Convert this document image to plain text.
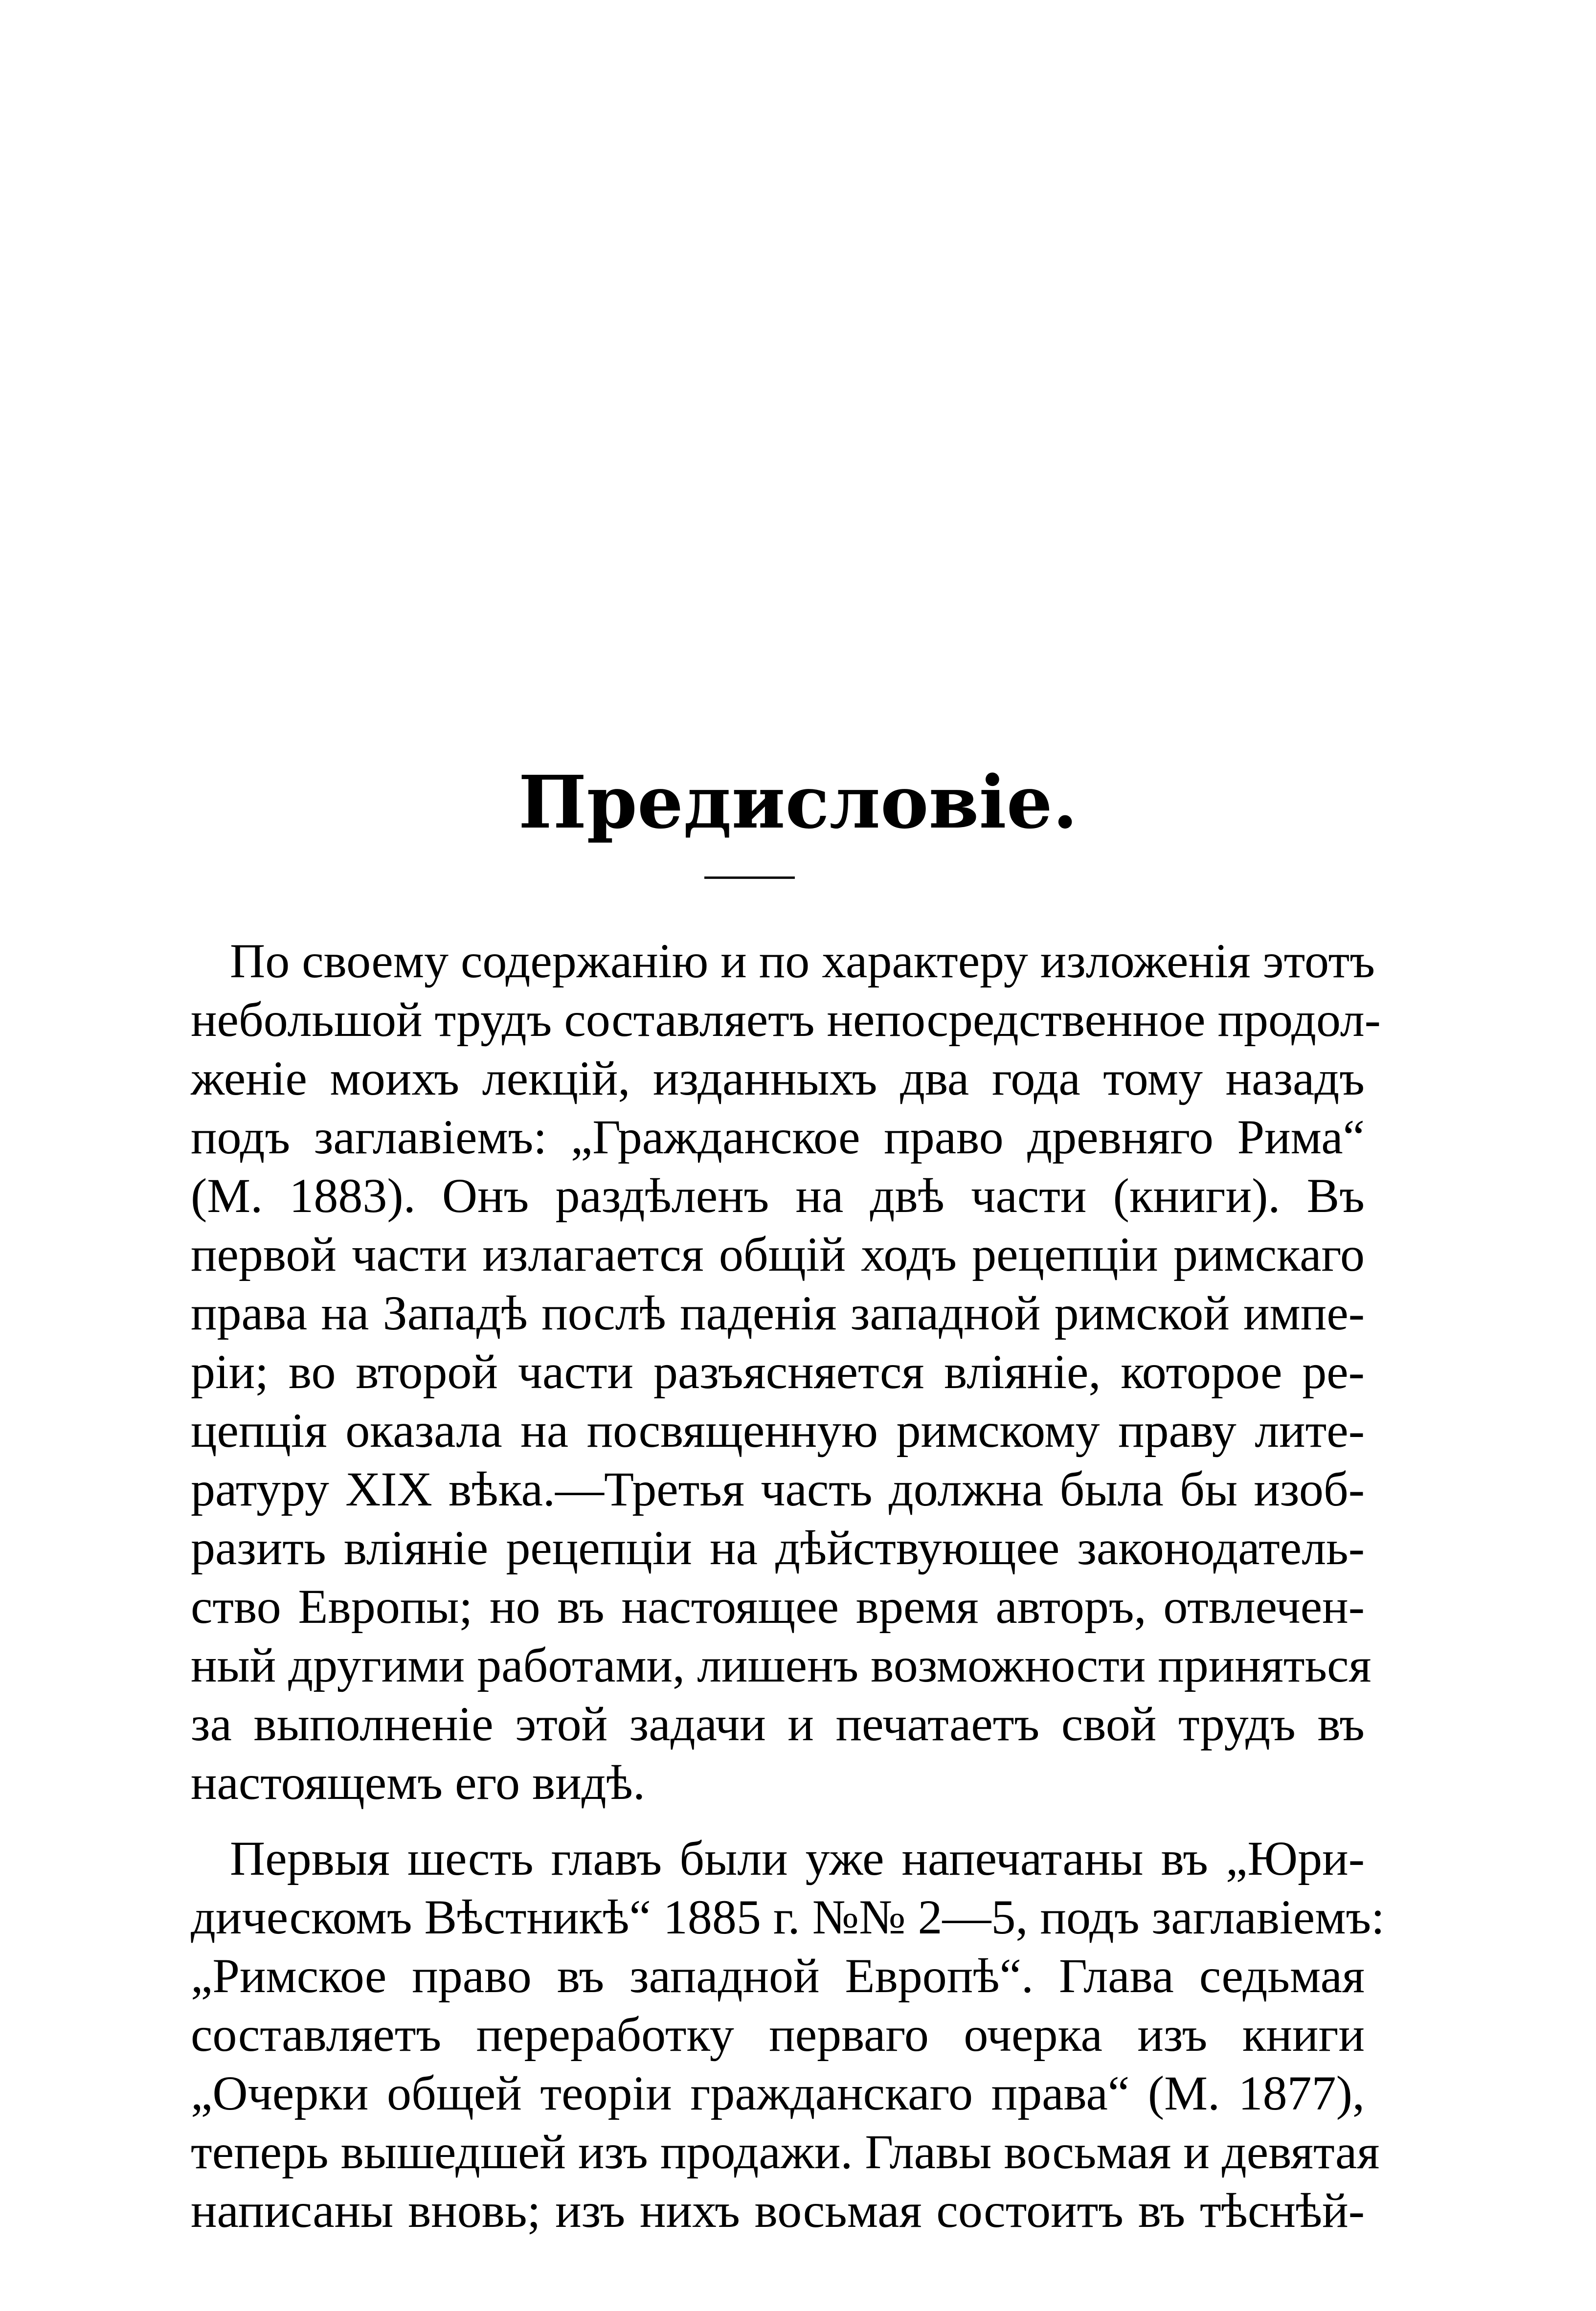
Предисловіе.
По своему содержанію и по характеру изложенія этотъ
небольшой трудъ составляетъ непосредственное продол-
женіе моихъ лекцій, изданныхъ два года тому назадъ
подъ заглавіемъ: „Гражданское право древняго Рима“
(М. 1883). Онъ раздѣленъ на двѣ части (книги). Въ
первой части излагается общій ходъ рецепціи римскаго
права на Западѣ послѣ паденія западной римской импе-
ріи; во второй части разъясняется вліяніе, которое ре-
цепція оказала на посвященную римскому праву лите-
ратуру XIX вѣка.—Третья часть должна была бы изоб-
разить вліяніе рецепціи на дѣйствующее законодатель-
ство Европы; но въ настоящее время авторъ, отвлечен-
ный другими работами, лишенъ возможности приняться
за выполненіе этой задачи и печатаетъ свой трудъ въ
настоящемъ его видѣ.
Первыя шесть главъ были уже напечатаны въ „Юри-
дическомъ Вѣстникѣ“ 1885 г. №№ 2—5, подъ заглавіемъ:
„Римское право въ западной Европѣ“. Глава седьмая
составляетъ переработку перваго очерка изъ книги
„Очерки общей теоріи гражданскаго права“ (М. 1877),
теперь вышедшей изъ продажи. Главы восьмая и девятая
написаны вновь; изъ нихъ восьмая состоитъ въ тѣснѣй-
